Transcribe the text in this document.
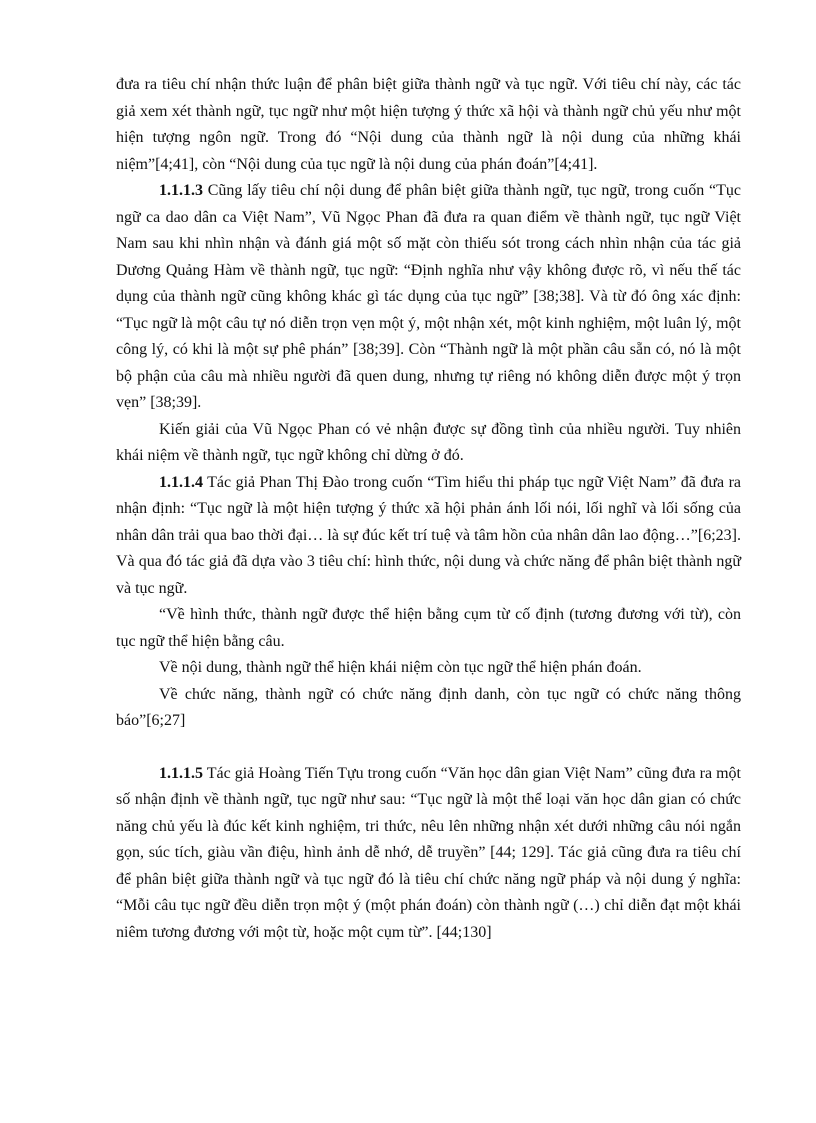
đưa ra tiêu chí nhận thức luận để phân biệt giữa thành ngữ và tục ngữ. Với tiêu chí này, các tác giả xem xét thành ngữ, tục ngữ như một hiện tượng ý thức xã hội và thành ngữ chủ yếu như một hiện tượng ngôn ngữ. Trong đó “Nội dung của thành ngữ là nội dung của những khái niệm”[4;41], còn “Nội dung của tục ngữ là nội dung của phán đoán”[4;41].

1.1.1.3 Cũng lấy tiêu chí nội dung để phân biệt giữa thành ngữ, tục ngữ, trong cuốn “Tục ngữ ca dao dân ca Việt Nam”, Vũ Ngọc Phan đã đưa ra quan điểm về thành ngữ, tục ngữ Việt Nam sau khi nhìn nhận và đánh giá một số mặt còn thiếu sót trong cách nhìn nhận của tác giả Dương Quảng Hàm về thành ngữ, tục ngữ: “Định nghĩa như vậy không được rõ, vì nếu thế tác dụng của thành ngữ cũng không khác gì tác dụng của tục ngữ” [38;38]. Và từ đó ông xác định: “Tục ngữ là một câu tự nó diễn trọn vẹn một ý, một nhận xét, một kinh nghiệm, một luân lý, một công lý, có khi là một sự phê phán” [38;39]. Còn “Thành ngữ là một phần câu sẵn có, nó là một bộ phận của câu mà nhiều người đã quen dung, nhưng tự riêng nó không diễn được một ý trọn vẹn” [38;39].

Kiến giải của Vũ Ngọc Phan có vẻ nhận được sự đồng tình của nhiều người. Tuy nhiên khái niệm về thành ngữ, tục ngữ không chỉ dừng ở đó.

1.1.1.4 Tác giả Phan Thị Đào trong cuốn “Tìm hiểu thi pháp tục ngữ Việt Nam” đã đưa ra nhận định: “Tục ngữ là một hiện tượng ý thức xã hội phản ánh lối nói, lối nghĩ và lối sống của nhân dân trải qua bao thời đại… là sự đúc kết trí tuệ và tâm hồn của nhân dân lao động…”[6;23]. Và qua đó tác giả đã dựa vào 3 tiêu chí: hình thức, nội dung và chức năng để phân biệt thành ngữ và tục ngữ.

“Về hình thức, thành ngữ được thể hiện bằng cụm từ cố định (tương đương với từ), còn tục ngữ thể hiện bằng câu.

Về nội dung, thành ngữ thể hiện khái niệm còn tục ngữ thể hiện phán đoán.

Về chức năng, thành ngữ có chức năng định danh, còn tục ngữ có chức năng thông báo”[6;27]

1.1.1.5 Tác giả Hoàng Tiến Tựu trong cuốn “Văn học dân gian Việt Nam” cũng đưa ra một số nhận định về thành ngữ, tục ngữ như sau: “Tục ngữ là một thể loại văn học dân gian có chức năng chủ yếu là đúc kết kinh nghiệm, tri thức, nêu lên những nhận xét dưới những câu nói ngắn gọn, súc tích, giàu vần điệu, hình ảnh dễ nhớ, dễ truyền” [44; 129]. Tác giả cũng đưa ra tiêu chí để phân biệt giữa thành ngữ và tục ngữ đó là tiêu chí chức năng ngữ pháp và nội dung ý nghĩa: “Mỗi câu tục ngữ đều diễn trọn một ý (một phán đoán) còn thành ngữ (…) chỉ diễn đạt một khái niêm tương đương với một từ, hoặc một cụm từ”. [44;130]
